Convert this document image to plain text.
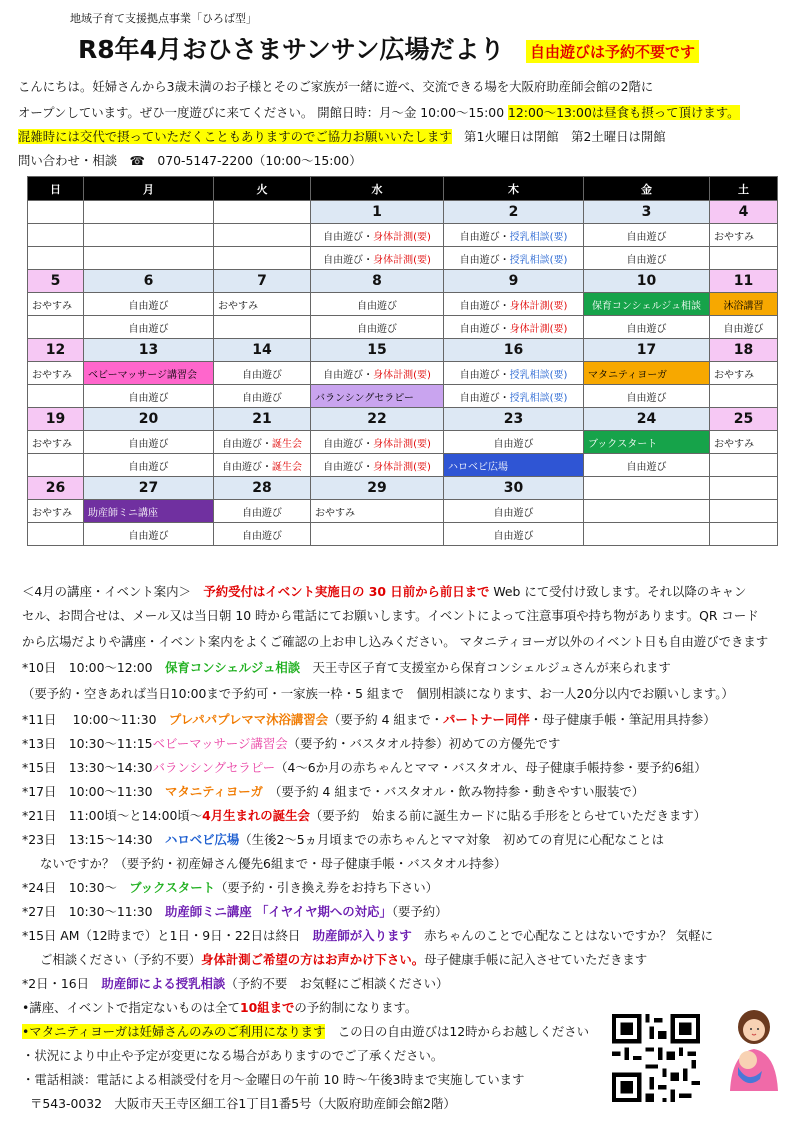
地域子育て支援拠点事業「ひろば型」
R8年4月おひさまサンサン広場だより 自由遊びは予約不要です
こんにちは。妊婦さんから3歳未満のお子様とそのご家族が一緒に遊べ、交流できる場を大阪府助産師会館の2階に
オープンしています。ぜひ一度遊びに来てください。 開館日時：月～金 10:00～15:00 12:00～13:00は昼食も摂って頂けます。
混雑時には交代で摂っていただくこともありますのでご協力お願いいたします　第1火曜日は閉館　第2土曜日は開館
問い合わせ・相談　☎　070-5147-2200（10:00～15:00）
日	月	火	水	木	金	土
			1	2	3	4
			自由遊び・身体計測(要)	自由遊び・授乳相談(要)	自由遊び	おやすみ
			自由遊び・身体計測(要)	自由遊び・授乳相談(要)	自由遊び	
5	6	7	8	9	10	11
おやすみ	自由遊び	おやすみ	自由遊び	自由遊び・身体計測(要)	保育コンシェルジュ相談	沐浴講習
	自由遊び		自由遊び	自由遊び・身体計測(要)	自由遊び	自由遊び
12	13	14	15	16	17	18
おやすみ	ベビーマッサージ講習会	自由遊び	自由遊び・身体計測(要)	自由遊び・授乳相談(要)	マタニティヨーガ	おやすみ
	自由遊び	自由遊び	バランシングセラピー	自由遊び・授乳相談(要)	自由遊び	
19	20	21	22	23	24	25
おやすみ	自由遊び	自由遊び・誕生会	自由遊び・身体計測(要)	自由遊び	ブックスタート	おやすみ
	自由遊び	自由遊び・誕生会	自由遊び・身体計測(要)	ハロベビ広場	自由遊び	
26	27	28	29	30		
おやすみ	助産師ミニ講座	自由遊び	おやすみ	自由遊び		
	自由遊び	自由遊び		自由遊び		
＜4月の講座・イベント案内＞　予約受付はイベント実施日の 30 日前から前日まで Web にて受付け致します。それ以降のキャン
セル、お問合せは、メール又は当日朝 10 時から電話にてお願いします。イベントによって注意事項や持ち物があります。QR コード
から広場だよりや講座・イベント案内をよくご確認の上お申し込みください。 マタニティヨーガ以外のイベント日も自由遊びできます
*10日　10:00～12:00　保育コンシェルジュ相談　天王寺区子育て支援室から保育コンシェルジュさんが来られます
（要予約・空きあれば当日10:00まで予約可・一家族一枠・5 組まで　個別相談になります、お一人20分以内でお願いします。）
*11日　 10:00～11:30　プレパパプレママ沐浴講習会（要予約 4 組まで・パートナー同伴・母子健康手帳・筆記用具持参）
*13日　10:30～11:15ベビーマッサージ講習会（要予約・バスタオル持参）初めての方優先です
*15日　13:30～14:30バランシングセラピー（4～6か月の赤ちゃんとママ・バスタオル、母子健康手帳持参・要予約6組）
*17日　10:00～11:30　マタニティヨーガ　（要予約 4 組まで・バスタオル・飲み物持参・動きやすい服装で）
*21日　11:00頃～と14:00頃～4月生まれの誕生会（要予約　始まる前に誕生カードに貼る手形をとらせていただきます）
*23日　13:15～14:30　ハロベビ広場（生後2～5ヵ月頃までの赤ちゃんとママ対象　初めての育児に心配なことは
ないですか？（要予約・初産婦さん優先6組まで・母子健康手帳・バスタオル持参）
*24日　10:30～　ブックスタート（要予約・引き換え券をお持ち下さい）
*27日　10:30～11:30　助産師ミニ講座 「イヤイヤ期への対応」（要予約）
*15日 AM（12時まで）と1日・9日・22日は終日　助産師が入ります　赤ちゃんのことで心配なことはないですか？ 気軽に
ご相談ください（予約不要）身体計測ご希望の方はお声かけ下さい。母子健康手帳に記入させていただきます
*2日・16日　助産師による授乳相談（予約不要　お気軽にご相談ください）
•講座、イベントで指定ないものは全て10組までの予約制になります。
•マタニティヨーガは妊婦さんのみのご利用になります　この日の自由遊びは12時からお越しください
・状況により中止や予定が変更になる場合がありますのでご了承ください。
・電話相談：電話による相談受付を月～金曜日の午前 10 時～午後3時まで実施しています
〒543-0032　大阪市天王寺区細工谷1丁目1番5号（大阪府助産師会館2階）
